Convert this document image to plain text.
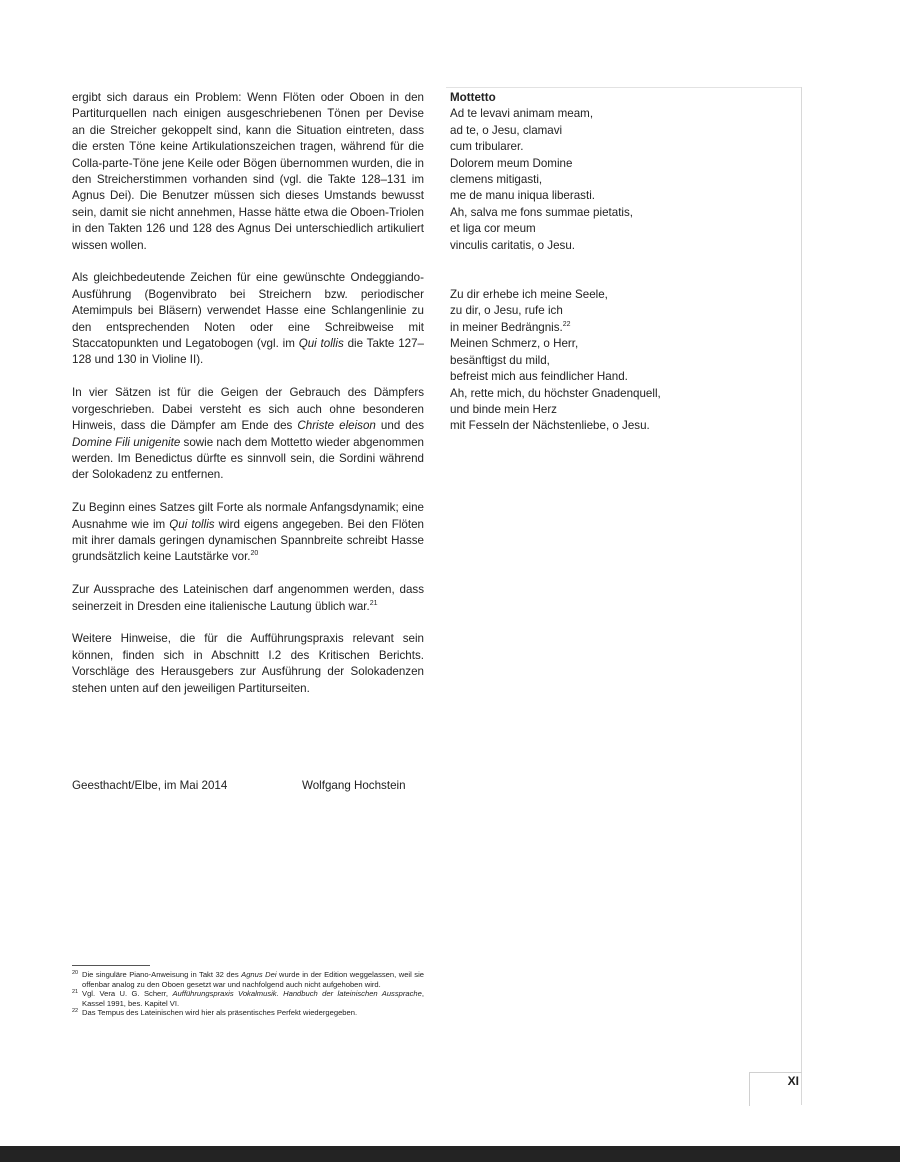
ergibt sich daraus ein Problem: Wenn Flöten oder Oboen in den Partiturquellen nach einigen ausgeschriebenen Tönen per Devise an die Streicher gekoppelt sind, kann die Situation eintreten, dass die ersten Töne keine Artikulationszeichen tragen, während für die Colla-parte-Töne jene Keile oder Bögen übernommen wurden, die in den Streicherstimmen vorhanden sind (vgl. die Takte 128–131 im Agnus Dei). Die Benutzer müssen sich dieses Umstands bewusst sein, damit sie nicht annehmen, Hasse hätte etwa die Oboen-Triolen in den Takten 126 und 128 des Agnus Dei unterschiedlich artikuliert wissen wollen.

Als gleichbedeutende Zeichen für eine gewünschte Ondeggiando-Ausführung (Bogenvibrato bei Streichern bzw. periodischer Atemimpuls bei Bläsern) verwendet Hasse eine Schlangenlinie zu den entsprechenden Noten oder eine Schreibweise mit Staccatopunkten und Legatobogen (vgl. im Qui tollis die Takte 127–128 und 130 in Violine II).

In vier Sätzen ist für die Geigen der Gebrauch des Dämpfers vorgeschrieben. Dabei versteht es sich auch ohne besonderen Hinweis, dass die Dämpfer am Ende des Christe eleison und des Domine Fili unigenite sowie nach dem Mottetto wieder abgenommen werden. Im Benedictus dürfte es sinnvoll sein, die Sordini während der Solokadenz zu entfernen.

Zu Beginn eines Satzes gilt Forte als normale Anfangsdynamik; eine Ausnahme wie im Qui tollis wird eigens angegeben. Bei den Flöten mit ihrer damals geringen dynamischen Spannbreite schreibt Hasse grundsätzlich keine Lautstärke vor.$^{20}$

Zur Aussprache des Lateinischen darf angenommen werden, dass seinerzeit in Dresden eine italienische Lautung üblich war.$^{21}$

Weitere Hinweise, die für die Aufführungspraxis relevant sein können, finden sich in Abschnitt I.2 des Kritischen Berichts. Vorschläge des Herausgebers zur Ausführung der Solokadenzen stehen unten auf den jeweiligen Partiturseiten.

Geesthacht/Elbe, im Mai 2014	Wolfgang Hochstein
Mottetto
Ad te levavi animam meam,
ad te, o Jesu, clamavi
cum tribularer.
Dolorem meum Domine
clemens mitigasti,
me de manu iniqua liberasti.
Ah, salva me fons summae pietatis,
et liga cor meum
vinculis caritatis, o Jesu.
Zu dir erhebe ich meine Seele,
zu dir, o Jesu, rufe ich
in meiner Bedrängnis.$^{22}$
Meinen Schmerz, o Herr,
besänftigst du mild,
befreist mich aus feindlicher Hand.
Ah, rette mich, du höchster Gnadenquell,
und binde mein Herz
mit Fesseln der Nächstenliebe, o Jesu.
20 Die singuläre Piano-Anweisung in Takt 32 des Agnus Dei wurde in der Edition weggelassen, weil sie offenbar analog zu den Oboen gesetzt war und nachfolgend auch nicht aufgehoben wird.
21 Vgl. Vera U. G. Scherr, Aufführungspraxis Vokalmusik. Handbuch der lateinischen Aussprache, Kassel 1991, bes. Kapitel VI.
22 Das Tempus des Lateinischen wird hier als präsentisches Perfekt wiedergegeben.
XI
